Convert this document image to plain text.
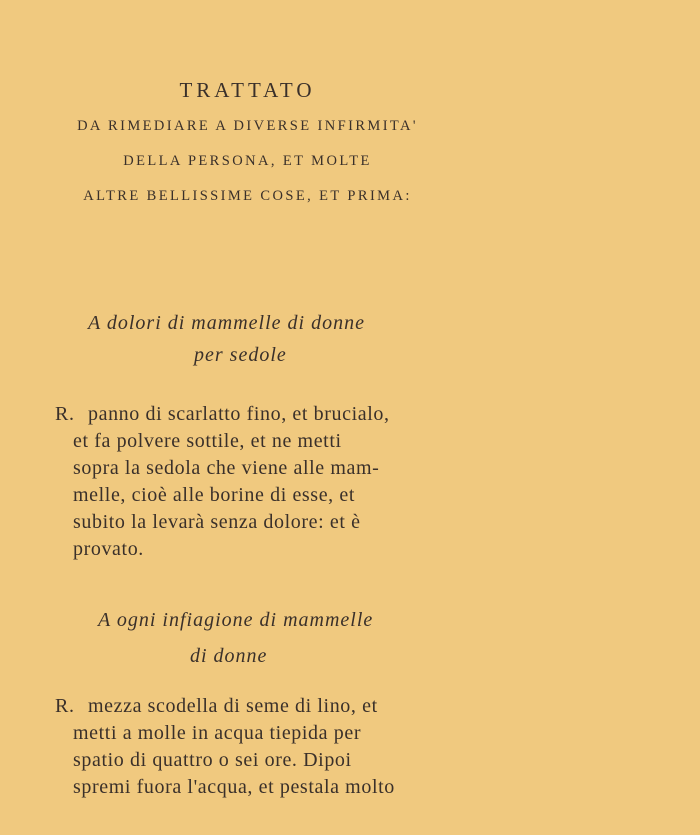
TRATTATO
DA RIMEDIARE A DIVERSE INFIRMITA'
DELLA PERSONA, ET MOLTE
ALTRE BELLISSIME COSE, ET PRIMA:
A dolori di mammelle di donne
per sedole
R. panno di scarlatto fino, et brucialo,
et fa polvere sottile, et ne metti
sopra la sedola che viene alle mam-
melle, cioè alle borine di esse, et
subito la levarà senza dolore: et è
provato.
A ogni infiagione di mammelle
di donne
R. mezza scodella di seme di lino, et
metti a molle in acqua tiepida per
spatio di quattro o sei ore. Dipoi
spremi fuora l'acqua, et pestala molto
